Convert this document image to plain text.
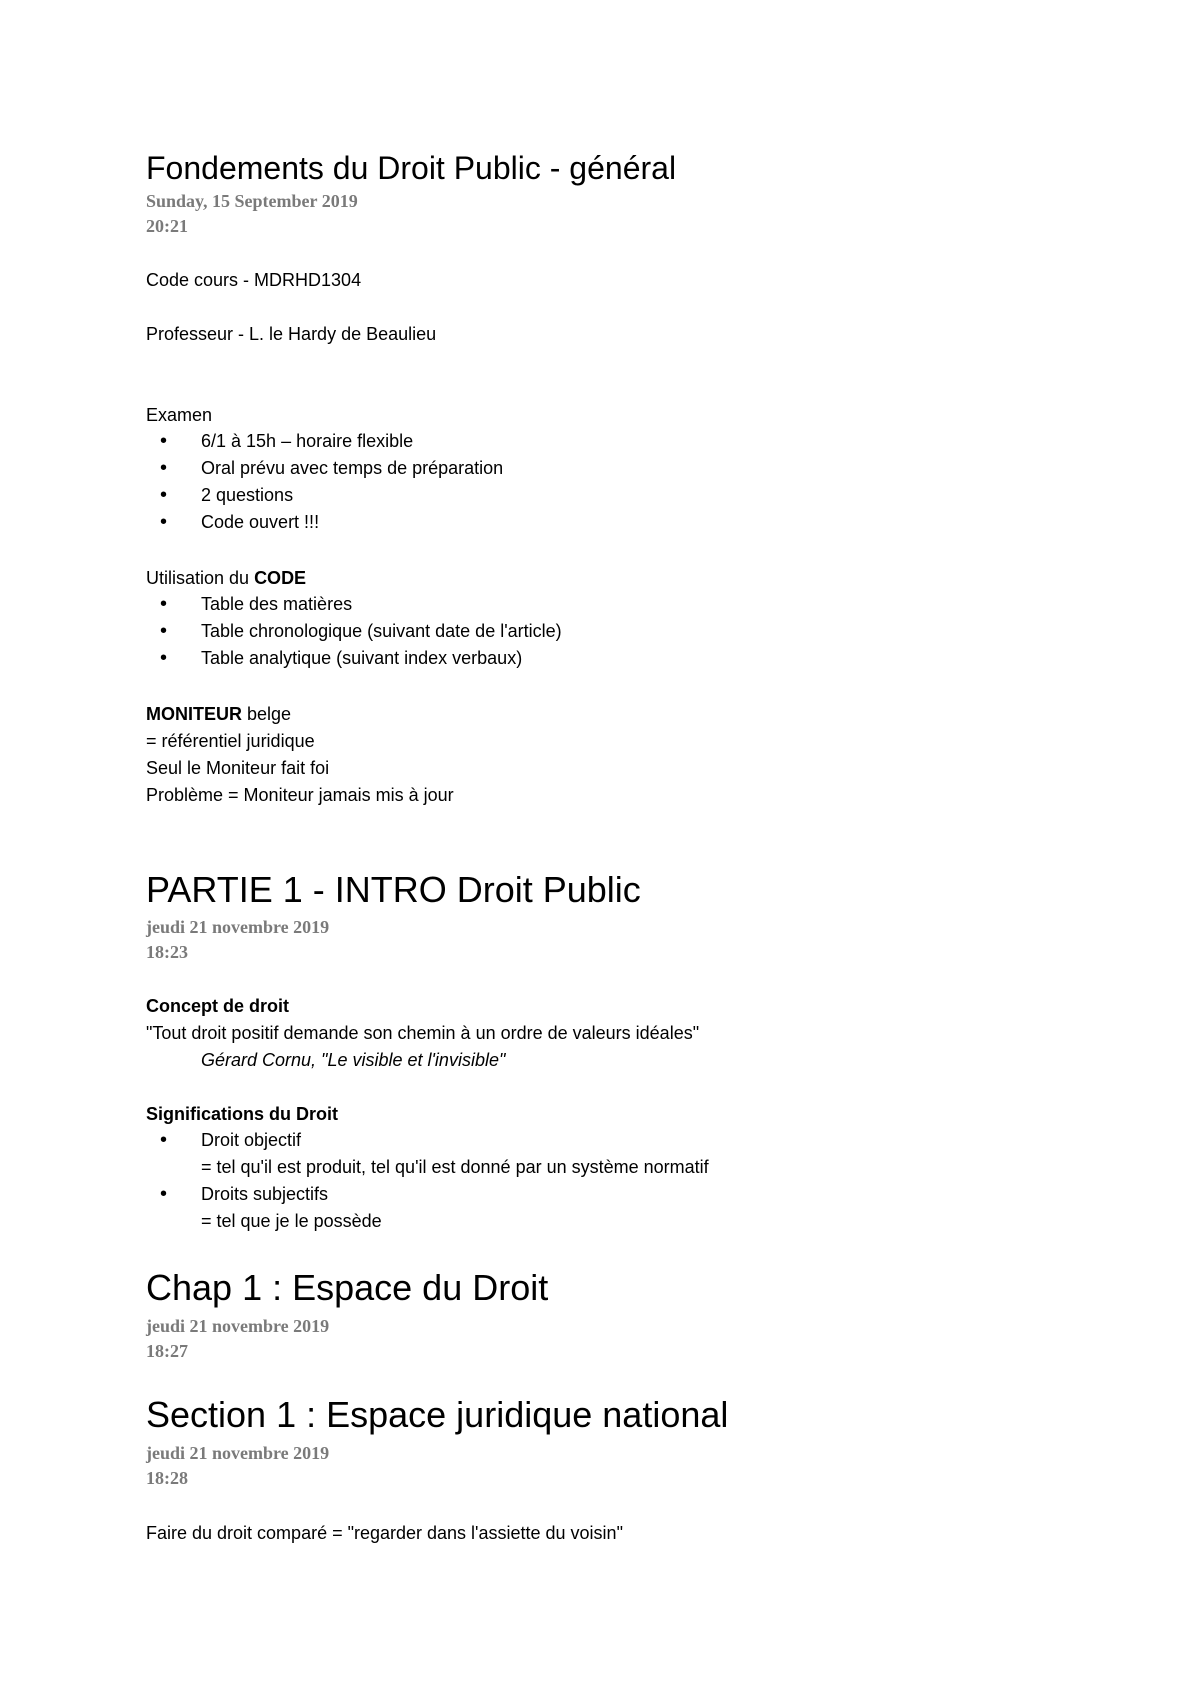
Fondements du Droit Public - général
Sunday, 15 September 2019
20:21
Code cours - MDRHD1304
Professeur - L. le Hardy de Beaulieu
Examen
• 6/1 à 15h – horaire flexible
• Oral prévu avec temps de préparation
• 2 questions
• Code ouvert !!!
Utilisation du CODE
• Table des matières
• Table chronologique (suivant date de l'article)
• Table analytique (suivant index verbaux)
MONITEUR belge
= référentiel juridique
Seul le Moniteur fait foi
Problème = Moniteur jamais mis à jour
PARTIE 1 - INTRO Droit Public
jeudi 21 novembre 2019
18:23
Concept de droit
"Tout droit positif demande son chemin à un ordre de valeurs idéales"
Gérard Cornu, "Le visible et l'invisible"
Significations du Droit
• Droit objectif
= tel qu'il est produit, tel qu'il est donné par un système normatif
• Droits subjectifs
= tel que je le possède
Chap 1 : Espace du Droit
jeudi 21 novembre 2019
18:27
Section 1 : Espace juridique national
jeudi 21 novembre 2019
18:28
Faire du droit comparé = "regarder dans l'assiette du voisin"
